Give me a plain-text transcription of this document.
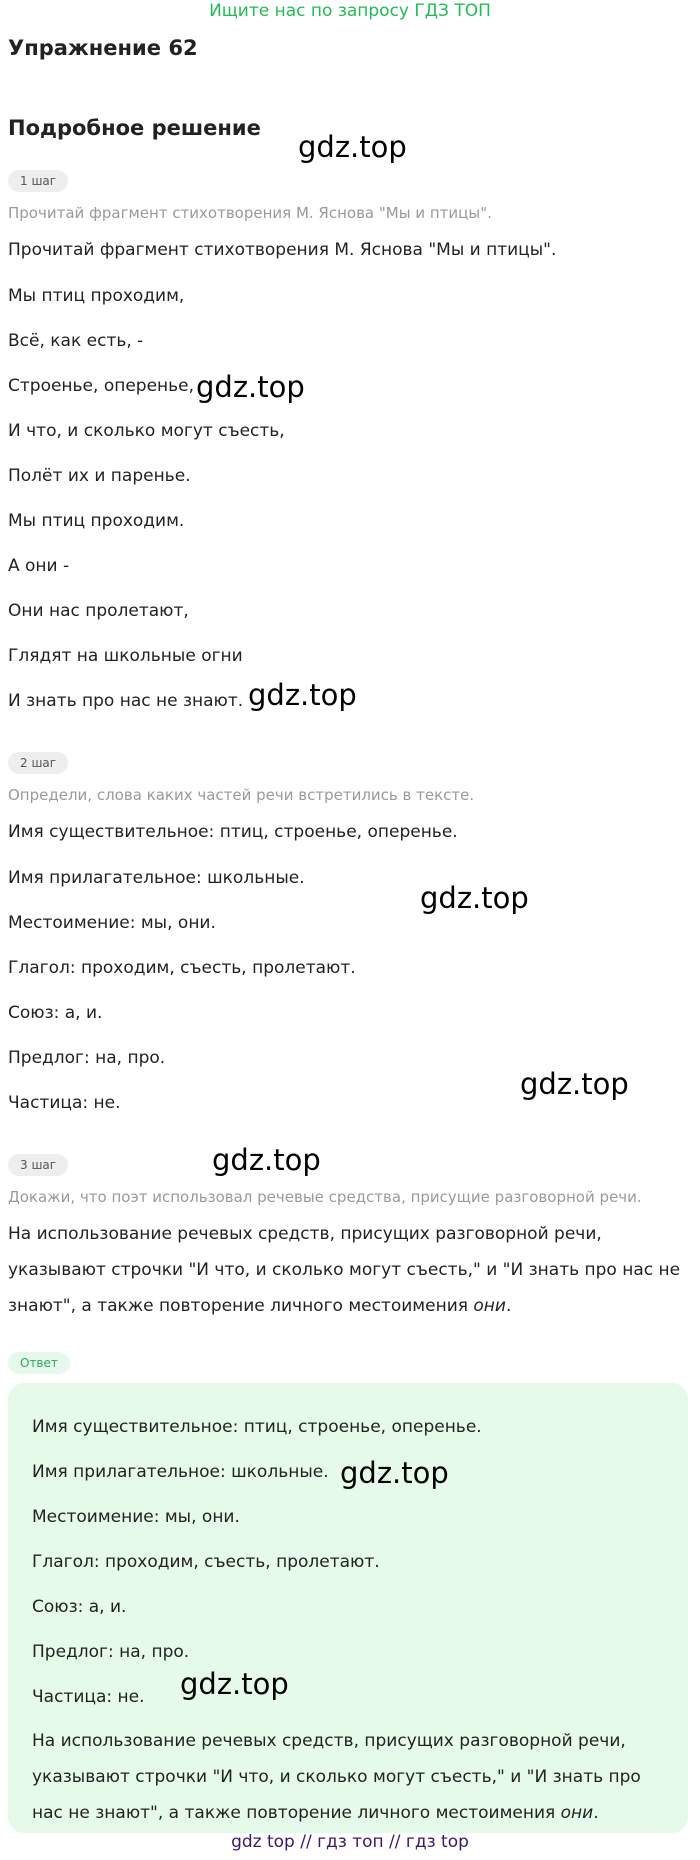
Ищите нас по запросу ГДЗ ТОП
Упражнение 62
Подробное решение
1 шаг
Прочитай фрагмент стихотворения М. Яснова "Мы и птицы".
Прочитай фрагмент стихотворения М. Яснова "Мы и птицы".
Мы птиц проходим,
Всё, как есть, -
Строенье, оперенье,
И что, и сколько могут съесть,
Полёт их и паренье.
Мы птиц проходим.
А они -
Они нас пролетают,
Глядят на школьные огни
И знать про нас не знают.
2 шаг
Определи, слова каких частей речи встретились в тексте.
Имя существительное: птиц, строенье, оперенье.
Имя прилагательное: школьные.
Местоимение: мы, они.
Глагол: проходим, съесть, пролетают.
Союз: а, и.
Предлог: на, про.
Частица: не.
3 шаг
Докажи, что поэт использовал речевые средства, присущие разговорной речи.
На использование речевых средств, присущих разговорной речи, указывают строчки "И что, и сколько могут съесть," и "И знать про нас не знают", а также повторение личного местоимения они.
Ответ
Имя существительное: птиц, строенье, оперенье.
Имя прилагательное: школьные.
Местоимение: мы, они.
Глагол: проходим, съесть, пролетают.
Союз: а, и.
Предлог: на, про.
Частица: не.
На использование речевых средств, присущих разговорной речи, указывают строчки "И что, и сколько могут съесть," и "И знать про нас не знают", а также повторение личного местоимения они.
gdz.top
gdz.top
gdz.top
gdz.top
gdz.top
gdz.top
gdz.top
gdz.top
gdz top // гдз топ // гдз top
